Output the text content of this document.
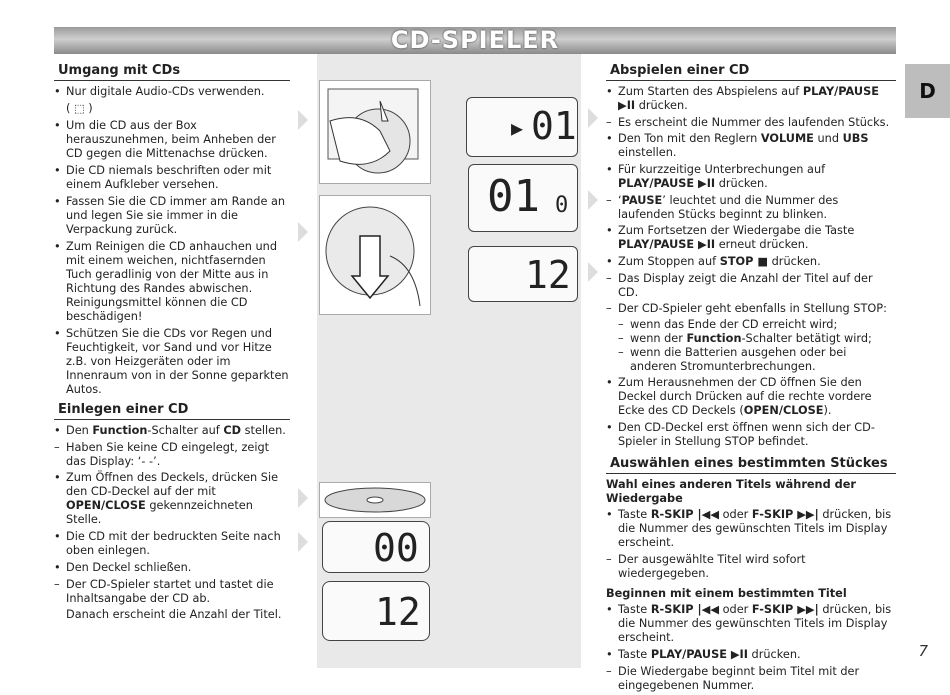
CD-SPIELER
D
Umgang mit CDs
• Nur digitale Audio-CDs verwenden.
( ⬚ )
• Um die CD aus der Box herauszunehmen, beim Anheben der CD gegen die Mittenachse drücken.
• Die CD niemals beschriften oder mit einem Aufkleber versehen.
• Fassen Sie die CD immer am Rande an und legen Sie sie immer in die Verpackung zurück.
• Zum Reinigen die CD anhauchen und mit einem weichen, nichtfasernden Tuch geradlinig von der Mitte aus in Richtung des Randes abwischen. Reinigungsmittel können die CD beschädigen!
• Schützen Sie die CDs vor Regen und Feuchtigkeit, vor Sand und vor Hitze z.B. von Heizgeräten oder im Innenraum von in der Sonne geparkten Autos.
Einlegen einer CD
• Den Function-Schalter auf CD stellen.
– Haben Sie keine CD eingelegt, zeigt das Display: ‘- -’.
• Zum Öffnen des Deckels, drücken Sie den CD-Deckel auf der mit OPEN/CLOSE gekennzeichneten Stelle.
• Die CD mit der bedruckten Seite nach oben einlegen.
• Den Deckel schließen.
– Der CD-Spieler startet und tastet die Inhaltsangabe der CD ab.
Danach erscheint die Anzahl der Titel.
00
12
▶ 01
01 0
12
Abspielen einer CD
• Zum Starten des Abspielens auf PLAY/PAUSE ▶II drücken.
– Es erscheint die Nummer des laufenden Stücks.
• Den Ton mit den Reglern VOLUME und UBS einstellen.
• Für kurzzeitige Unterbrechungen auf PLAY/PAUSE ▶II drücken.
– ‘PAUSE’ leuchtet und die Nummer des laufenden Stücks beginnt zu blinken.
• Zum Fortsetzen der Wiedergabe die Taste PLAY/PAUSE ▶II erneut drücken.
• Zum Stoppen auf STOP ■ drücken.
– Das Display zeigt die Anzahl der Titel auf der CD.
– Der CD-Spieler geht ebenfalls in Stellung STOP:
– wenn das Ende der CD erreicht wird;
– wenn der Function-Schalter betätigt wird;
– wenn die Batterien ausgehen oder bei anderen Stromunterbrechungen.
• Zum Herausnehmen der CD öffnen Sie den Deckel durch Drücken auf die rechte vordere Ecke des CD Deckels (OPEN/CLOSE).
• Den CD-Deckel erst öffnen wenn sich der CD-Spieler in Stellung STOP befindet.
Auswählen eines bestimmten Stückes
Wahl eines anderen Titels während der Wiedergabe
• Taste R-SKIP |◀◀ oder F-SKIP ▶▶| drücken, bis die Nummer des gewünschten Titels im Display erscheint.
– Der ausgewählte Titel wird sofort wiedergegeben.
Beginnen mit einem bestimmten Titel
• Taste R-SKIP |◀◀ oder F-SKIP ▶▶| drücken, bis die Nummer des gewünschten Titels im Display erscheint.
• Taste PLAY/PAUSE ▶II drücken.
– Die Wiedergabe beginnt beim Titel mit der eingegebenen Nummer.
7
